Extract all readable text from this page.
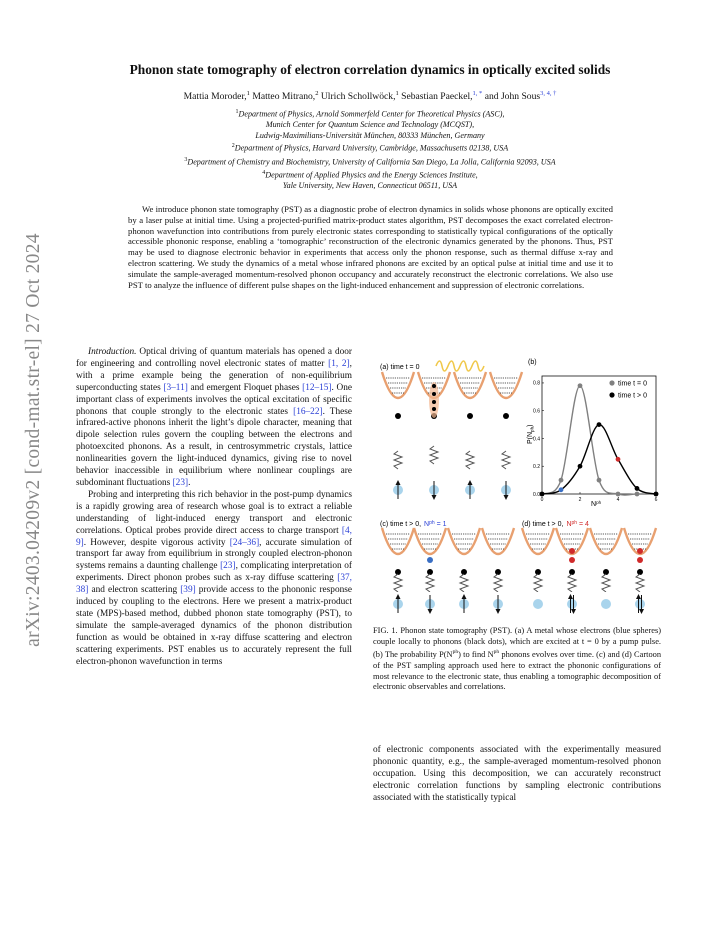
arXiv:2403.04209v2 [cond-mat.str-el] 27 Oct 2024
Phonon state tomography of electron correlation dynamics in optically excited solids
Mattia Moroder,$^1$ Matteo Mitrano,$^2$ Ulrich Schollwöck,$^1$ Sebastian Paeckel,$^{1, *}$ and John Sous$^{3, 4, \dagger}$
$^1$Department of Physics, Arnold Sommerfeld Center for Theoretical Physics (ASC),
Munich Center for Quantum Science and Technology (MCQST),
Ludwig-Maximilians-Universität München, 80333 München, Germany
$^2$Department of Physics, Harvard University, Cambridge, Massachusetts 02138, USA
$^3$Department of Chemistry and Biochemistry, University of California San Diego, La Jolla, California 92093, USA
$^4$Department of Applied Physics and the Energy Sciences Institute,
Yale University, New Haven, Connecticut 06511, USA
We introduce phonon state tomography (PST) as a diagnostic probe of electron dynamics in solids whose phonons are optically excited by a laser pulse at initial time. Using a projected-purified matrix-product states algorithm, PST decomposes the exact correlated electron-phonon wavefunction into contributions from purely electronic states corresponding to statistically typical configurations of the optically accessible phononic response, enabling a ‘tomographic’ reconstruction of the electronic dynamics generated by the phonons. Thus, PST may be used to diagnose electronic behavior in experiments that access only the phonon response, such as thermal diffuse x-ray and electron scattering. We study the dynamics of a metal whose infrared phonons are excited by an optical pulse at initial time and use it to simulate the sample-averaged momentum-resolved phonon occupancy and accurately reconstruct the electronic correlations. We also use PST to analyze the influence of different pulse shapes on the light-induced enhancement and suppression of electronic correlations.

Introduction. Optical driving of quantum materials has opened a door for engineering and controlling novel electronic states of matter [1, 2], with a prime example being the generation of non-equilibrium superconducting states [3–11] and emergent Floquet phases [12–15]. One important class of experiments involves the optical excitation of specific phonons that couple strongly to the electronic states [16–22]. These infrared-active phonons inherit the light’s dipole character, meaning that dipole selection rules govern the coupling between the electrons and photoexcited phonons. As a result, in centrosymmetric crystals, lattice nonlinearities govern the light-induced dynamics, giving rise to novel behavior inaccessible in equilibrium where nonlinear couplings are subdominant fluctuations [23].

Probing and interpreting this rich behavior in the post-pump dynamics is a rapidly growing area of research whose goal is to extract a reliable understanding of light-induced energy transport and electronic correlations. Optical probes provide direct access to charge transport [4, 9]. However, despite vigorous activity [24–36], accurate simulation of transport far away from equilibrium in strongly coupled electron-phonon systems remains a daunting challenge [23], complicating interpretation of experiments. Direct phonon probes such as x-ray diffuse scattering [37, 38] and electron scattering [39] provide access to the phononic response induced by coupling to the electrons. Here we present a matrix-product state (MPS)-based method, dubbed phonon state tomography (PST), to simulate the sample-averaged dynamics of the phonon distribution function as would be obtained in x-ray diffuse scattering and electron scattering experiments. PST enables us to accurately represent the full electron-phonon wavefunction in terms

(a) time t = 0
(b)
0	2	4	6
0.0
0.2
0.4
0.6
0.8	time t = 0
time t > 0
$P(N_{ph})$
$N^{ph}$
(c) time t > 0, $N^{ph} = 1$	(d) time t > 0, $N^{ph} = 4$
FIG. 1. Phonon state tomography (PST). (a) A metal whose electrons (blue spheres) couple locally to phonons (black dots), which are excited at t = 0 by a pump pulse. (b) The probability $P(N^{ph})$ to find $N^{ph}$ phonons evolves over time. (c) and (d) Cartoon of the PST sampling approach used here to extract the phononic configurations of most relevance to the electronic state, thus enabling a tomographic decomposition of electronic observables and correlations.

of electronic components associated with the experimentally measured phononic quantity, e.g., the sample-averaged momentum-resolved phonon occupation. Using this decomposition, we can accurately reconstruct electronic correlation functions by sampling electronic contributions associated with the statistically typical
